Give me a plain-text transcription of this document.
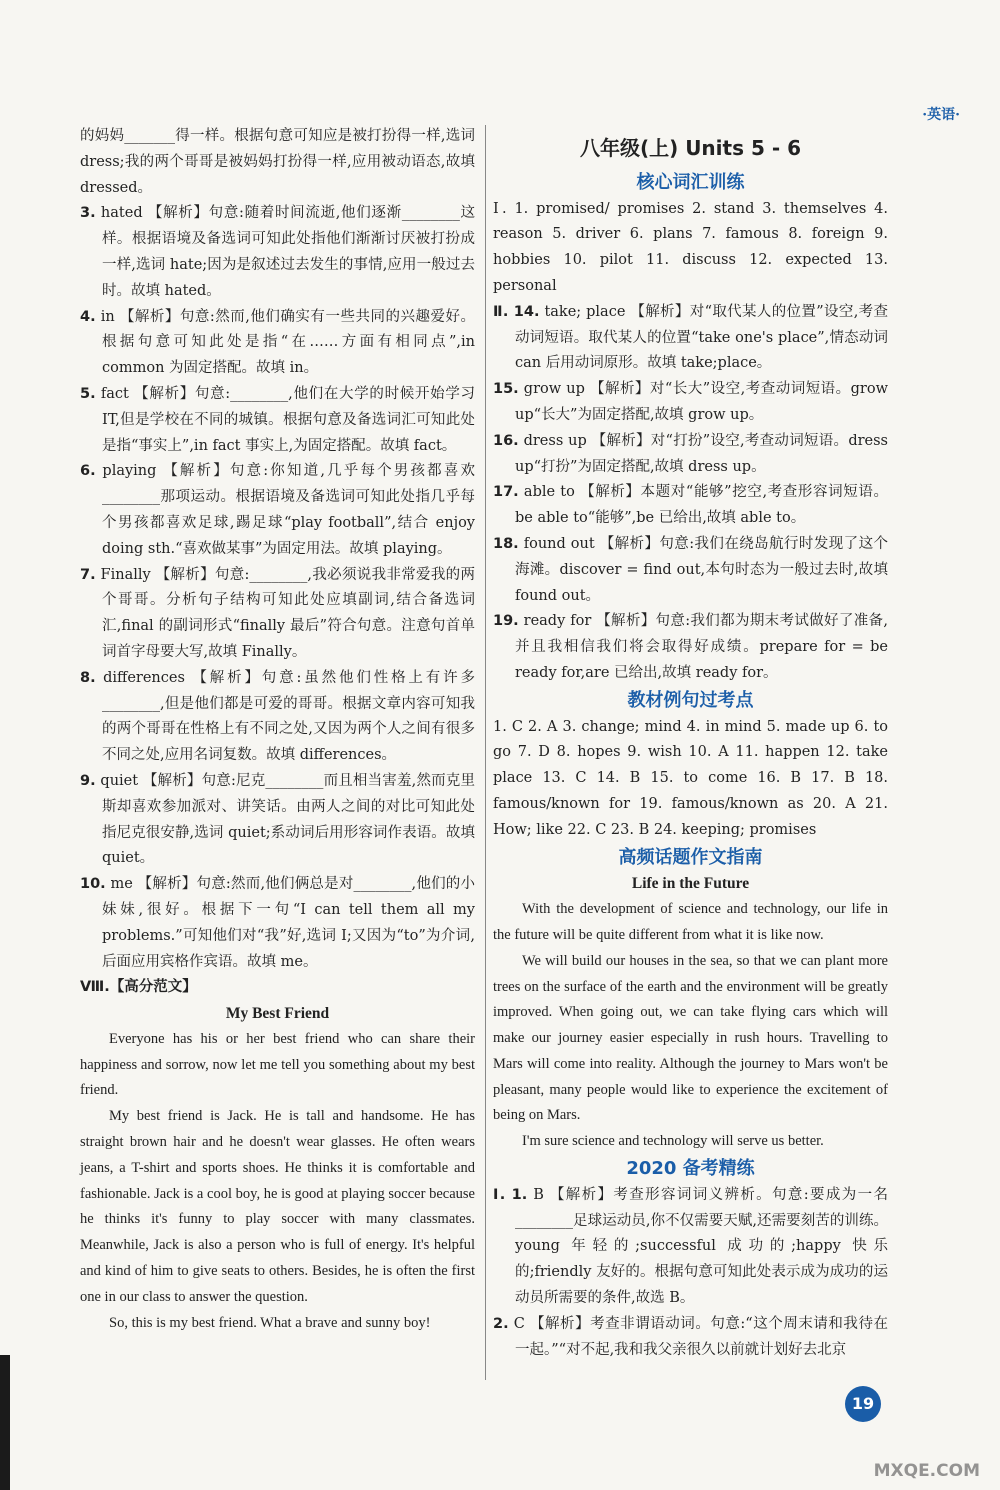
·英语·

的妈妈_______得一样。根据句意可知应是被打扮得一样,选词 dress;我的两个哥哥是被妈妈打扮得一样,应用被动语态,故填 dressed。

3. hated 【解析】句意:随着时间流逝,他们逐渐________这样。根据语境及备选词可知此处指他们渐渐讨厌被打扮成一样,选词 hate;因为是叙述过去发生的事情,应用一般过去时。故填 hated。

4. in 【解析】句意:然而,他们确实有一些共同的兴趣爱好。根据句意可知此处是指“在……方面有相同点”,in common 为固定搭配。故填 in。

5. fact 【解析】句意:________,他们在大学的时候开始学习 IT,但是学校在不同的城镇。根据句意及备选词汇可知此处是指“事实上”,in fact 事实上,为固定搭配。故填 fact。

6. playing 【解析】句意:你知道,几乎每个男孩都喜欢________那项运动。根据语境及备选词可知此处指几乎每个男孩都喜欢足球,踢足球“play football”,结合 enjoy doing sth.“喜欢做某事”为固定用法。故填 playing。

7. Finally 【解析】句意:________,我必须说我非常爱我的两个哥哥。分析句子结构可知此处应填副词,结合备选词汇,final 的副词形式“finally 最后”符合句意。注意句首单词首字母要大写,故填 Finally。

8. differences 【解析】句意:虽然他们性格上有许多________,但是他们都是可爱的哥哥。根据文章内容可知我的两个哥哥在性格上有不同之处,又因为两个人之间有很多不同之处,应用名词复数。故填 differences。

9. quiet 【解析】句意:尼克________而且相当害羞,然而克里斯却喜欢参加派对、讲笑话。由两人之间的对比可知此处指尼克很安静,选词 quiet;系动词后用形容词作表语。故填 quiet。

10. me 【解析】句意:然而,他们俩总是对________,他们的小妹妹,很好。根据下一句“I can tell them all my problems.”可知他们对“我”好,选词 I;又因为“to”为介词,后面应用宾格作宾语。故填 me。

Ⅷ.【高分范文】

My Best Friend

Everyone has his or her best friend who can share their happiness and sorrow, now let me tell you something about my best friend.

My best friend is Jack. He is tall and handsome. He has straight brown hair and he doesn't wear glasses. He often wears jeans, a T-shirt and sports shoes. He thinks it is comfortable and fashionable. Jack is a cool boy, he is good at playing soccer because he thinks it's funny to play soccer with many classmates. Meanwhile, Jack is also a person who is full of energy. It's helpful and kind of him to give seats to others. Besides, he is often the first one in our class to answer the question.

So, this is my best friend. What a brave and sunny boy!

八年级(上) Units 5 - 6

核心词汇训练

Ⅰ. 1. promised/ promises 2. stand 3. themselves 4. reason 5. driver 6. plans 7. famous 8. foreign 9. hobbies 10. pilot 11. discuss 12. expected 13. personal

Ⅱ. 14. take; place 【解析】对“取代某人的位置”设空,考查动词短语。取代某人的位置“take one's place”,情态动词 can 后用动词原形。故填 take;place。

15. grow up 【解析】对“长大”设空,考查动词短语。grow up“长大”为固定搭配,故填 grow up。

16. dress up 【解析】对“打扮”设空,考查动词短语。dress up“打扮”为固定搭配,故填 dress up。

17. able to 【解析】本题对“能够”挖空,考查形容词短语。be able to“能够”,be 已给出,故填 able to。

18. found out 【解析】句意:我们在绕岛航行时发现了这个海滩。discover = find out,本句时态为一般过去时,故填 found out。

19. ready for 【解析】句意:我们都为期末考试做好了准备,并且我相信我们将会取得好成绩。prepare for = be ready for,are 已给出,故填 ready for。

教材例句过考点

1. C 2. A 3. change; mind 4. in mind 5. made up 6. to go 7. D 8. hopes 9. wish 10. A 11. happen 12. take place 13. C 14. B 15. to come 16. B 17. B 18. famous/known for 19. famous/known as 20. A 21. How; like 22. C 23. B 24. keeping; promises

高频话题作文指南

Life in the Future

With the development of science and technology, our life in the future will be quite different from what it is like now.

We will build our houses in the sea, so that we can plant more trees on the surface of the earth and the environment will be greatly improved. When going out, we can take flying cars which will make our journey easier especially in rush hours. Travelling to Mars will come into reality. Although the journey to Mars won't be pleasant, many people would like to experience the excitement of being on Mars.

I'm sure science and technology will serve us better.

2020 备考精练

Ⅰ. 1. B 【解析】考查形容词词义辨析。句意:要成为一名________足球运动员,你不仅需要天赋,还需要刻苦的训练。young 年轻的;successful 成功的;happy 快乐的;friendly 友好的。根据句意可知此处表示成为成功的运动员所需要的条件,故选 B。

2. C 【解析】考查非谓语动词。句意:“这个周末请和我待在一起。”“对不起,我和我父亲很久以前就计划好去北京

19
MXQE.COM
